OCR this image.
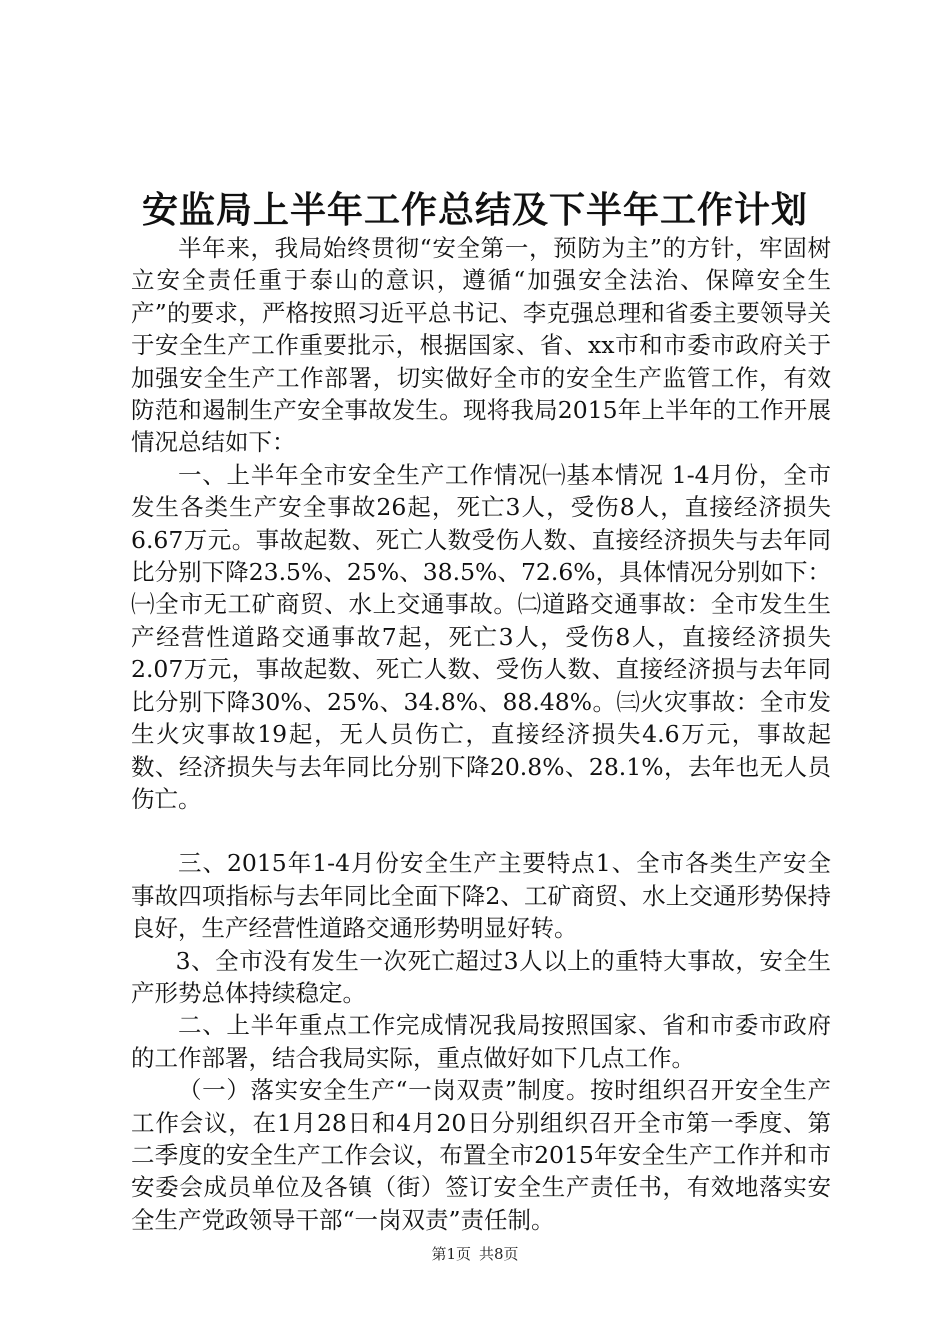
安监局上半年工作总结及下半年工作计划

半年来，我局始终贯彻“安全第一，预防为主”的方针，牢固树立安全责任重于泰山的意识，遵循“加强安全法治、保障安全生产”的要求，严格按照习近平总书记、李克强总理和省委主要领导关于安全生产工作重要批示，根据国家、省、xx市和市委市政府关于加强安全生产工作部署，切实做好全市的安全生产监管工作，有效防范和遏制生产安全事故发生。现将我局2015年上半年的工作开展情况总结如下：

一、上半年全市安全生产工作情况㈠基本情况 1-4月份，全市发生各类生产安全事故26起，死亡3人，受伤8人，直接经济损失6.67万元。事故起数、死亡人数受伤人数、直接经济损失与去年同比分别下降23.5%、25%、38.5%、72.6%，具体情况分别如下：㈠全市无工矿商贸、水上交通事故。㈡道路交通事故：全市发生生产经营性道路交通事故7起，死亡3人，受伤8人，直接经济损失2.07万元，事故起数、死亡人数、受伤人数、直接经济损与去年同比分别下降30%、25%、34.8%、88.48%。㈢火灾事故：全市发生火灾事故19起，无人员伤亡，直接经济损失4.6万元，事故起数、经济损失与去年同比分别下降20.8%、28.1%，去年也无人员伤亡。

三、2015年1-4月份安全生产主要特点1、全市各类生产安全事故四项指标与去年同比全面下降2、工矿商贸、水上交通形势保持良好，生产经营性道路交通形势明显好转。

3、全市没有发生一次死亡超过3人以上的重特大事故，安全生产形势总体持续稳定。

二、上半年重点工作完成情况我局按照国家、省和市委市政府的工作部署，结合我局实际，重点做好如下几点工作。

（一）落实安全生产“一岗双责”制度。按时组织召开安全生产工作会议，在1月28日和4月20日分别组织召开全市第一季度、第二季度的安全生产工作会议，布置全市2015年安全生产工作并和市安委会成员单位及各镇（街）签订安全生产责任书，有效地落实安全生产党政领导干部“一岗双责”责任制。

第1页 共8页
